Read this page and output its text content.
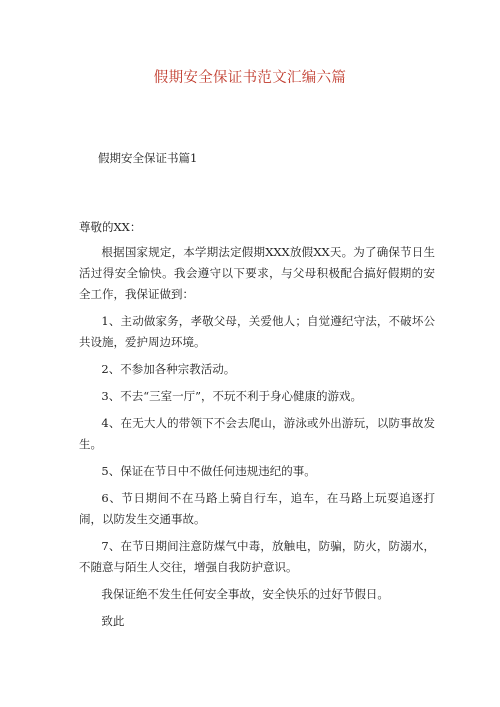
假期安全保证书范文汇编六篇
假期安全保证书篇1

尊敬的XX：

根据国家规定，本学期法定假期XXX放假XX天。为了确保节日生活过得安全愉快。我会遵守以下要求，与父母积极配合搞好假期的安全工作，我保证做到：

1、主动做家务，孝敬父母，关爱他人；自觉遵纪守法，不破坏公共设施，爱护周边环境。

2、不参加各种宗教活动。

3、不去“三室一厅”，不玩不利于身心健康的游戏。

4、在无大人的带领下不会去爬山，游泳或外出游玩，以防事故发生。

5、保证在节日中不做任何违规违纪的事。

6、节日期间不在马路上骑自行车，追车，在马路上玩耍追逐打闹，以防发生交通事故。

7、在节日期间注意防煤气中毒，放触电，防骗，防火，防溺水，不随意与陌生人交往，增强自我防护意识。

我保证绝不发生任何安全事故，安全快乐的过好节假日。

致此
